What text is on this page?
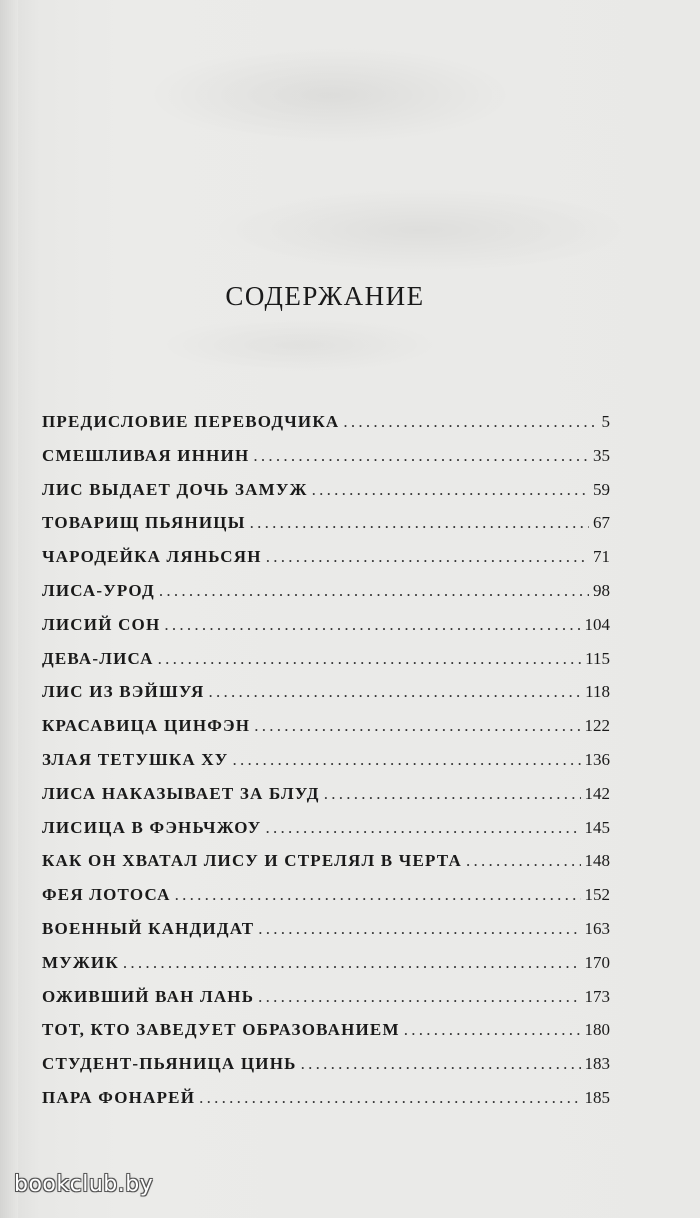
СОДЕРЖАНИЕ
ПРЕДИСЛОВИЕ ПЕРЕВОДЧИКА . . .	5
СМЕШЛИВАЯ ИННИН . . .	35
ЛИС ВЫДАЕТ ДОЧЬ ЗАМУЖ . . .	59
ТОВАРИЩ ПЬЯНИЦЫ . . .	67
ЧАРОДЕЙКА ЛЯНЬСЯН . . .	71
ЛИСА-УРОД . . .	98
ЛИСИЙ СОН . . .	104
ДЕВА-ЛИСА . . .	115
ЛИС ИЗ ВЭЙШУЯ . . .	118
КРАСАВИЦА ЦИНФЭН . . .	122
ЗЛАЯ ТЕТУШКА ХУ . . .	136
ЛИСА НАКАЗЫВАЕТ ЗА БЛУД . . .	142
ЛИСИЦА В ФЭНЬЧЖОУ . . .	145
КАК ОН ХВАТАЛ ЛИСУ И СТРЕЛЯЛ В ЧЕРТА . . .	148
ФЕЯ ЛОТОСА . . .	152
ВОЕННЫЙ КАНДИДАТ . . .	163
МУЖИК . . .	170
ОЖИВШИЙ ВАН ЛАНЬ . . .	173
ТОТ, КТО ЗАВЕДУЕТ ОБРАЗОВАНИЕМ . . .	180
СТУДЕНТ-ПЬЯНИЦА ЦИНЬ . . .	183
ПАРА ФОНАРЕЙ . . .	185
bookclub.by
